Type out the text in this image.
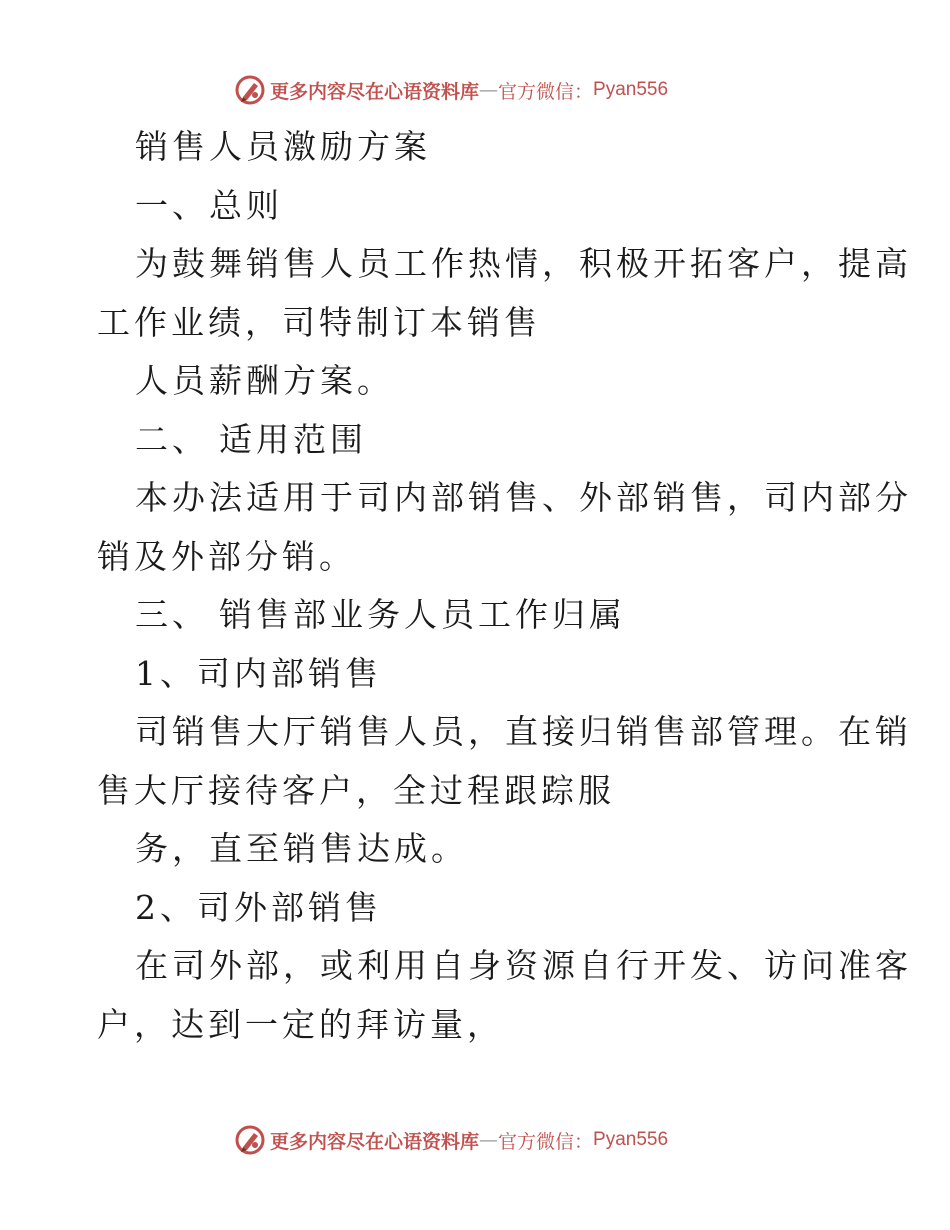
更多内容尽在心语资料库 — 官方微信： Pyan556
销售人员激励方案
一、总则
为鼓舞销售人员工作热情，积极开拓客户，提高
工作业绩，司特制订本销售
人员薪酬方案。
二、 适用范围
本办法适用于司内部销售、外部销售，司内部分
销及外部分销。
三、 销售部业务人员工作归属
1、司内部销售
司销售大厅销售人员，直接归销售部管理。在销
售大厅接待客户，全过程跟踪服
务，直至销售达成。
2、司外部销售
在司外部，或利用自身资源自行开发、访问准客
户，达到一定的拜访量，
更多内容尽在心语资料库 — 官方微信： Pyan556
